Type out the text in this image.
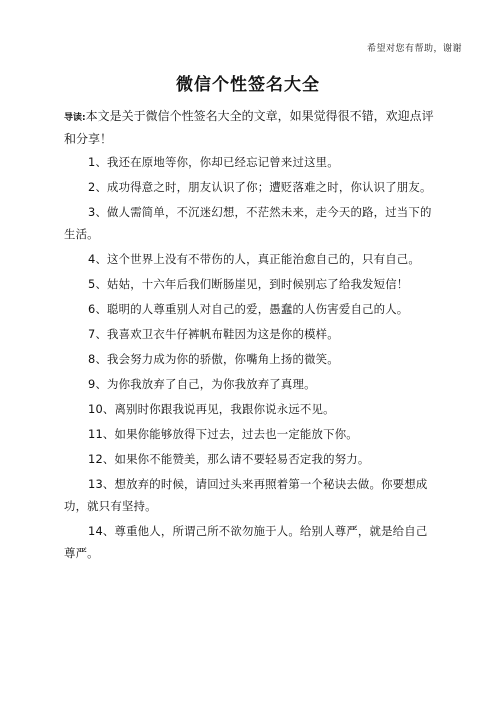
希望对您有帮助，谢谢
微信个性签名大全

导读:本文是关于微信个性签名大全的文章，如果觉得很不错，欢迎点评和分享！

1、我还在原地等你，你却已经忘记曾来过这里。
2、成功得意之时，朋友认识了你；遭贬落难之时，你认识了朋友。
3、做人需简单，不沉迷幻想，不茫然未来，走今天的路，过当下的生活。
4、这个世界上没有不带伤的人，真正能治愈自己的，只有自己。
5、姑姑，十六年后我们断肠崖见，到时候别忘了给我发短信！
6、聪明的人尊重别人对自己的爱，愚蠢的人伤害爱自己的人。
7、我喜欢卫衣牛仔裤帆布鞋因为这是你的模样。
8、我会努力成为你的骄傲，你嘴角上扬的微笑。
9、为你我放弃了自己，为你我放弃了真理。
10、离别时你跟我说再见，我跟你说永远不见。
11、如果你能够放得下过去，过去也一定能放下你。
12、如果你不能赞美，那么请不要轻易否定我的努力。
13、想放弃的时候，请回过头来再照着第一个秘诀去做。你要想成功，就只有坚持。
14、尊重他人，所谓己所不欲勿施于人。给别人尊严，就是给自己尊严。
